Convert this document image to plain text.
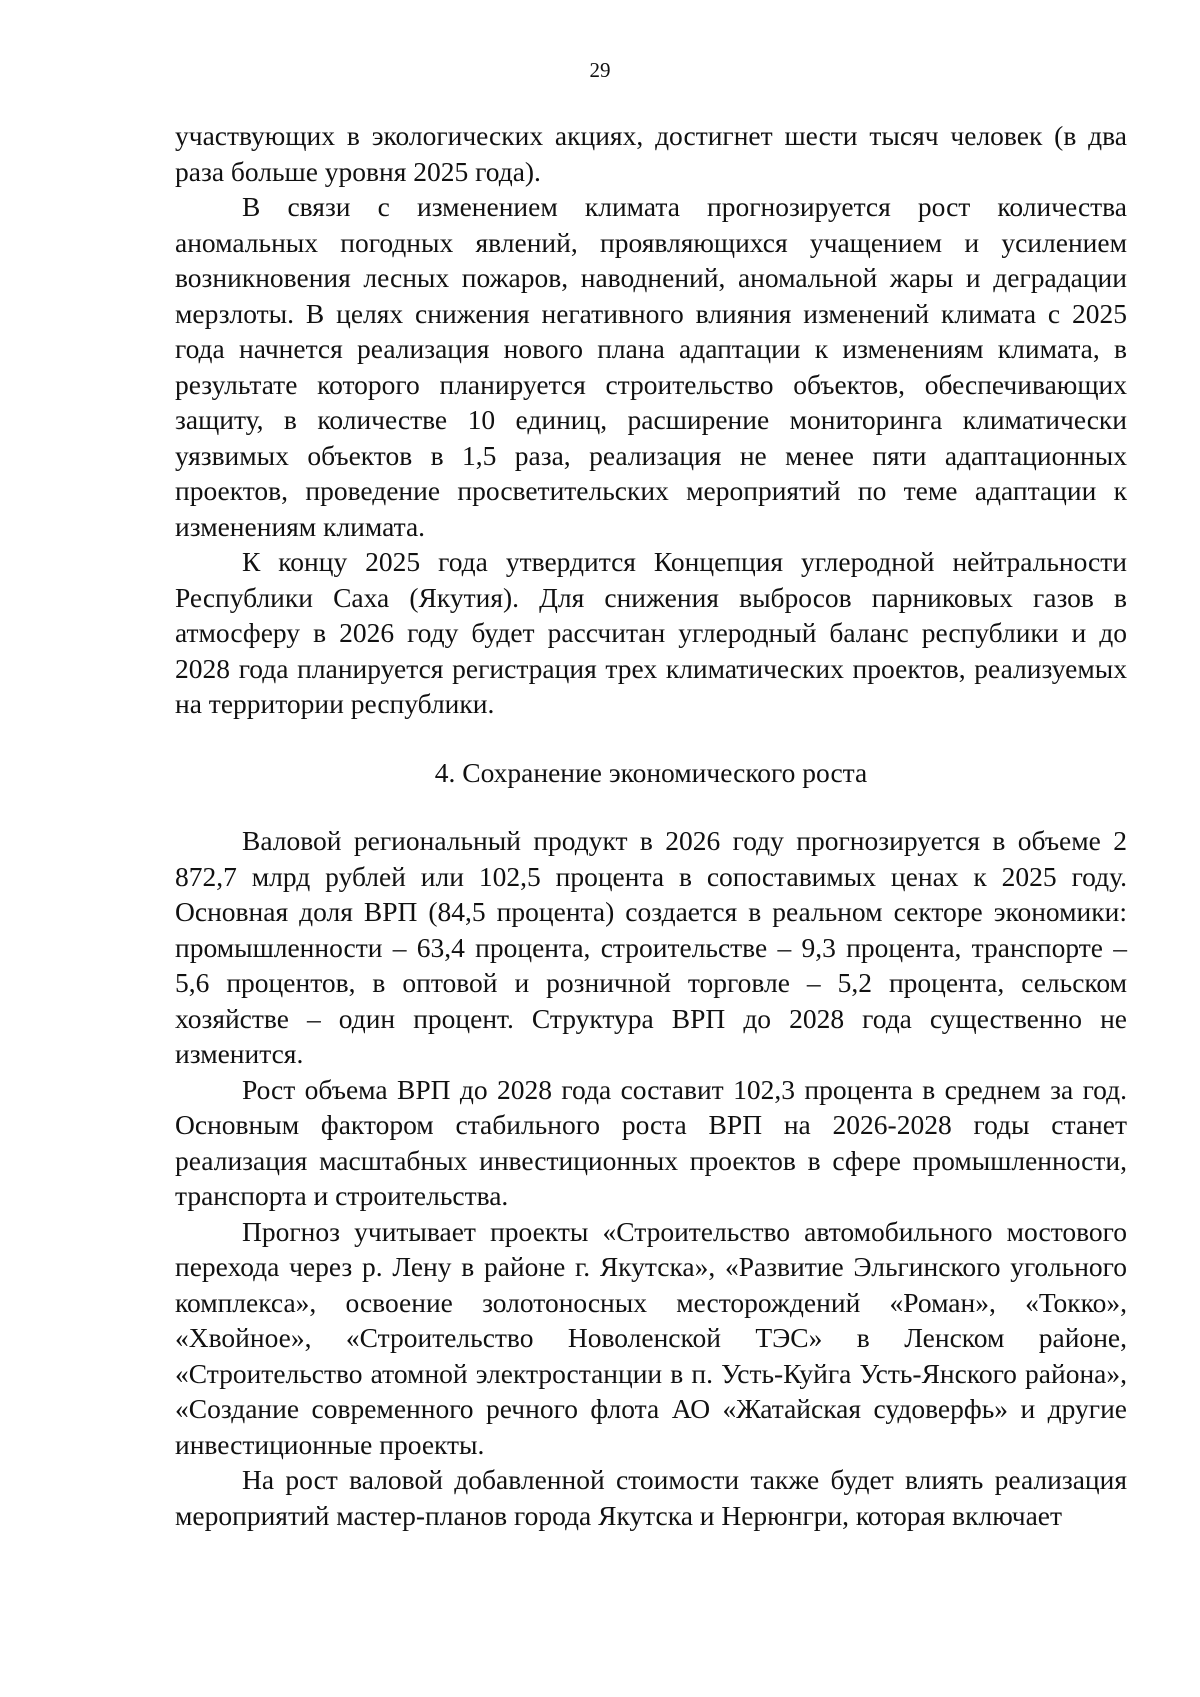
29

участвующих в экологических акциях, достигнет шести тысяч человек (в два раза больше уровня 2025 года).

В связи с изменением климата прогнозируется рост количества аномальных погодных явлений, проявляющихся учащением и усилением возникновения лесных пожаров, наводнений, аномальной жары и деградации мерзлоты. В целях снижения негативного влияния изменений климата с 2025 года начнется реализация нового плана адаптации к изменениям климата, в результате которого планируется строительство объектов, обеспечивающих защиту, в количестве 10 единиц, расширение мониторинга климатически уязвимых объектов в 1,5 раза, реализация не менее пяти адаптационных проектов, проведение просветительских мероприятий по теме адаптации к изменениям климата.

К концу 2025 года утвердится Концепция углеродной нейтральности Республики Саха (Якутия). Для снижения выбросов парниковых газов в атмосферу в 2026 году будет рассчитан углеродный баланс республики и до 2028 года планируется регистрация трех климатических проектов, реализуемых на территории республики.

4. Сохранение экономического роста

Валовой региональный продукт в 2026 году прогнозируется в объеме 2 872,7 млрд рублей или 102,5 процента в сопоставимых ценах к 2025 году. Основная доля ВРП (84,5 процента) создается в реальном секторе экономики: промышленности – 63,4 процента, строительстве – 9,3 процента, транспорте – 5,6 процентов, в оптовой и розничной торговле – 5,2 процента, сельском хозяйстве – один процент. Структура ВРП до 2028 года существенно не изменится.

Рост объема ВРП до 2028 года составит 102,3 процента в среднем за год. Основным фактором стабильного роста ВРП на 2026-2028 годы станет реализация масштабных инвестиционных проектов в сфере промышленности, транспорта и строительства.

Прогноз учитывает проекты «Строительство автомобильного мостового перехода через р. Лену в районе г. Якутска», «Развитие Эльгинского угольного комплекса», освоение золотоносных месторождений «Роман», «Токко», «Хвойное», «Строительство Новоленской ТЭС» в Ленском районе, «Строительство атомной электростанции в п. Усть-Куйга Усть-Янского района», «Создание современного речного флота АО «Жатайская судоверфь» и другие инвестиционные проекты.

На рост валовой добавленной стоимости также будет влиять реализация мероприятий мастер-планов города Якутска и Нерюнгри, которая включает
